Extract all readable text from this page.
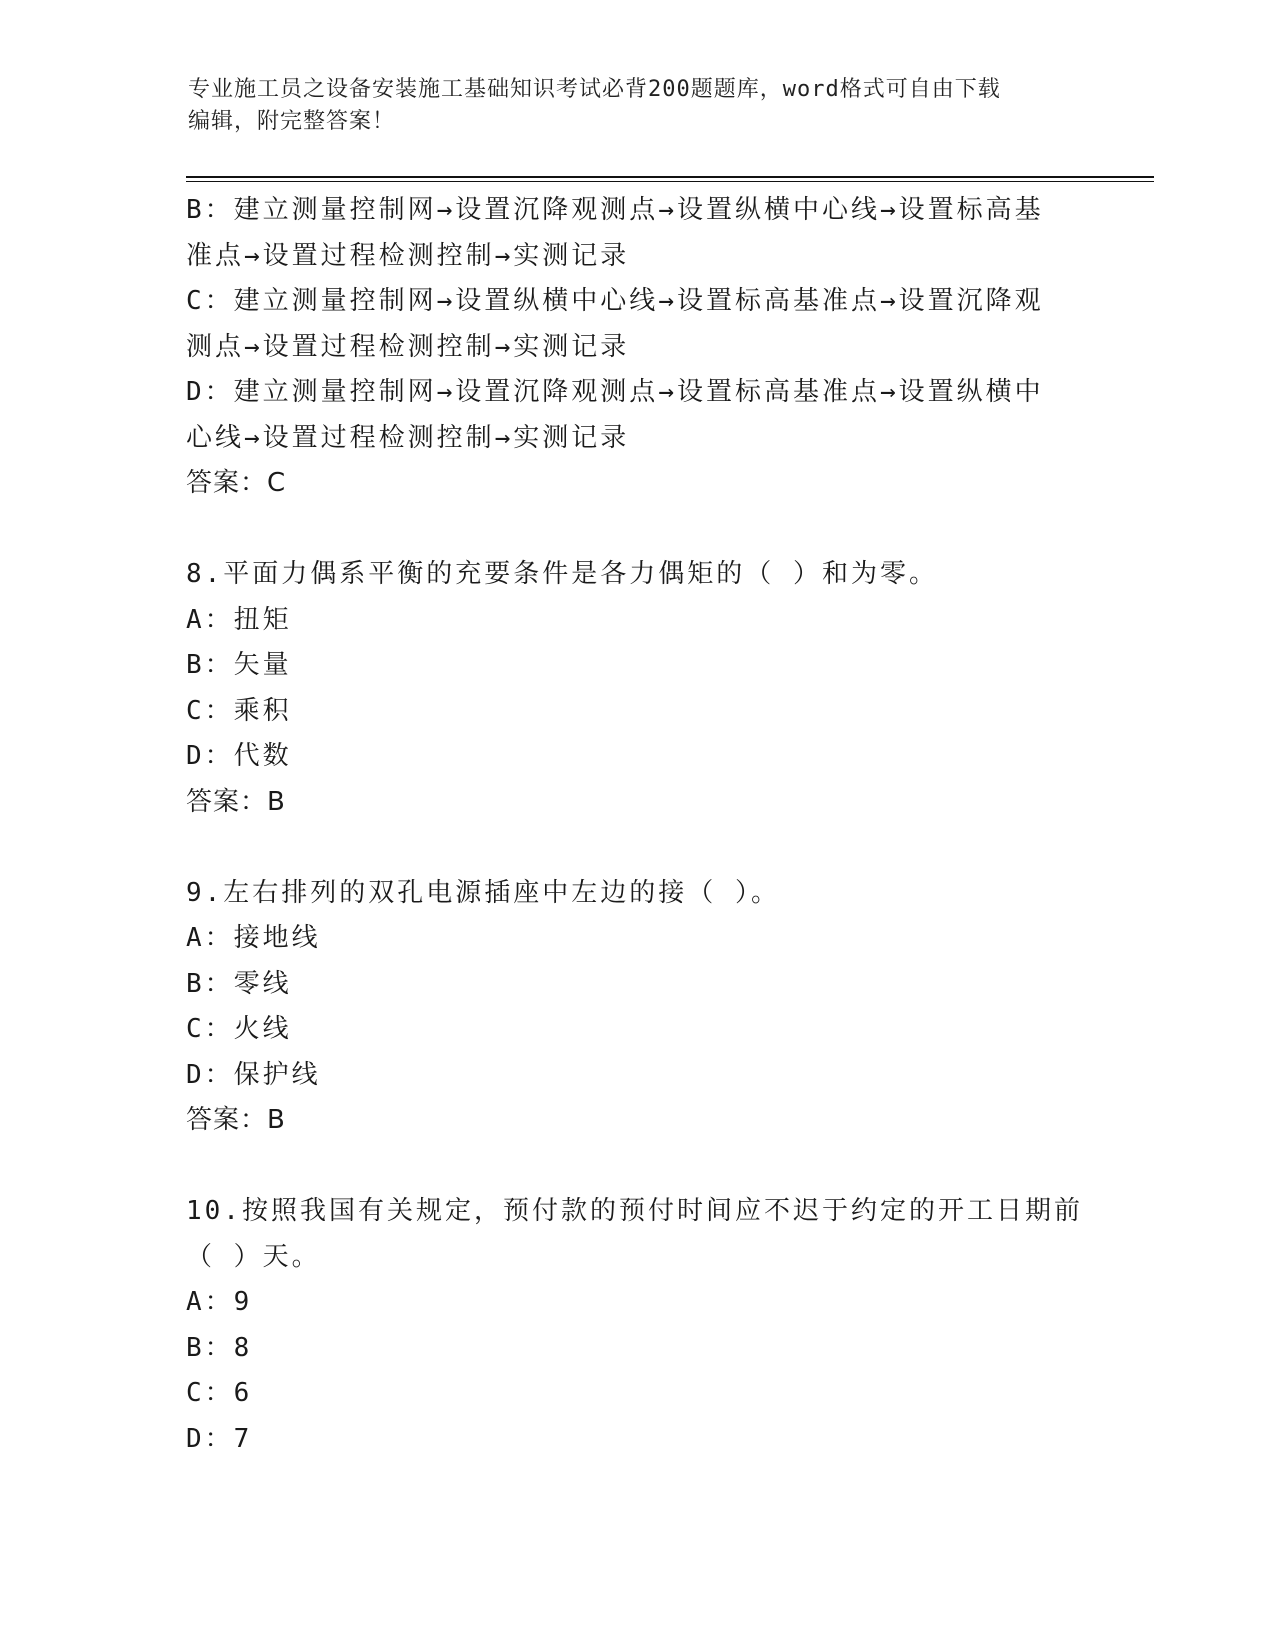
专业施工员之设备安装施工基础知识考试必背200题题库，word格式可自由下载
编辑，附完整答案！
B：建立测量控制网→设置沉降观测点→设置纵横中心线→设置标高基
准点→设置过程检测控制→实测记录
C：建立测量控制网→设置纵横中心线→设置标高基准点→设置沉降观
测点→设置过程检测控制→实测记录
D：建立测量控制网→设置沉降观测点→设置标高基准点→设置纵横中
心线→设置过程检测控制→实测记录
答案：C
8.平面力偶系平衡的充要条件是各力偶矩的（ ）和为零。
A：扭矩
B：矢量
C：乘积
D：代数
答案：B
9.左右排列的双孔电源插座中左边的接（ ）。
A：接地线
B：零线
C：火线
D：保护线
答案：B
10.按照我国有关规定，预付款的预付时间应不迟于约定的开工日期前
（ ）天。
A：9
B：8
C：6
D：7
